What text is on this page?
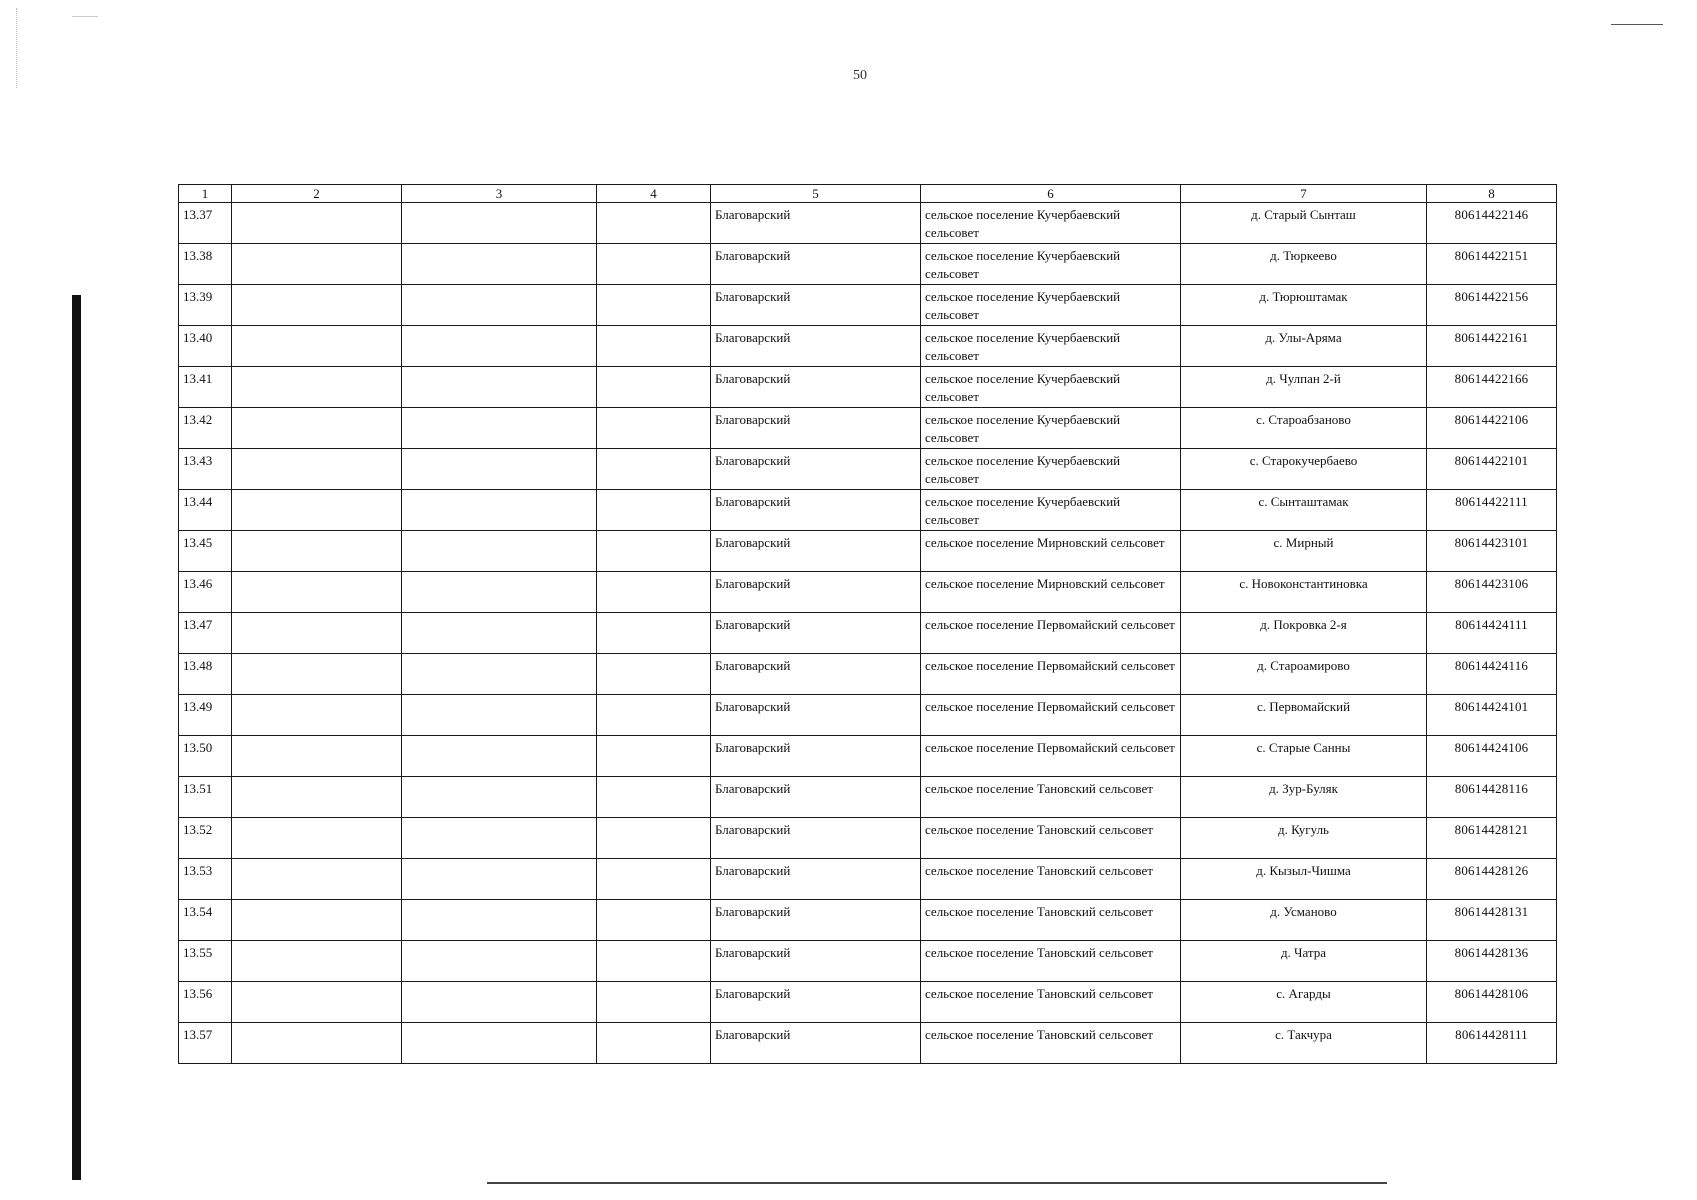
50
1	2	3	4	5	6	7	8
13.37				Благоварский	сельское поселение Кучербаевский сельсовет	д. Старый Сынташ	80614422146
13.38				Благоварский	сельское поселение Кучербаевский сельсовет	д. Тюркеево	80614422151
13.39				Благоварский	сельское поселение Кучербаевский сельсовет	д. Тюрюштамак	80614422156
13.40				Благоварский	сельское поселение Кучербаевский сельсовет	д. Улы-Аряма	80614422161
13.41				Благоварский	сельское поселение Кучербаевский сельсовет	д. Чулпан 2-й	80614422166
13.42				Благоварский	сельское поселение Кучербаевский сельсовет	с. Староабзаново	80614422106
13.43				Благоварский	сельское поселение Кучербаевский сельсовет	с. Старокучербаево	80614422101
13.44				Благоварский	сельское поселение Кучербаевский сельсовет	с. Сынташтамак	80614422111
13.45				Благоварский	сельское поселение Мирновский сельсовет	с. Мирный	80614423101
13.46				Благоварский	сельское поселение Мирновский сельсовет	с. Новоконстантиновка	80614423106
13.47				Благоварский	сельское поселение Первомайский сельсовет	д. Покровка 2-я	80614424111
13.48				Благоварский	сельское поселение Первомайский сельсовет	д. Староамирово	80614424116
13.49				Благоварский	сельское поселение Первомайский сельсовет	с. Первомайский	80614424101
13.50				Благоварский	сельское поселение Первомайский сельсовет	с. Старые Санны	80614424106
13.51				Благоварский	сельское поселение Тановский сельсовет	д. Зур-Буляк	80614428116
13.52				Благоварский	сельское поселение Тановский сельсовет	д. Кугуль	80614428121
13.53				Благоварский	сельское поселение Тановский сельсовет	д. Кызыл-Чишма	80614428126
13.54				Благоварский	сельское поселение Тановский сельсовет	д. Усманово	80614428131
13.55				Благоварский	сельское поселение Тановский сельсовет	д. Чатра	80614428136
13.56				Благоварский	сельское поселение Тановский сельсовет	с. Агарды	80614428106
13.57				Благоварский	сельское поселение Тановский сельсовет	с. Такчура	80614428111
